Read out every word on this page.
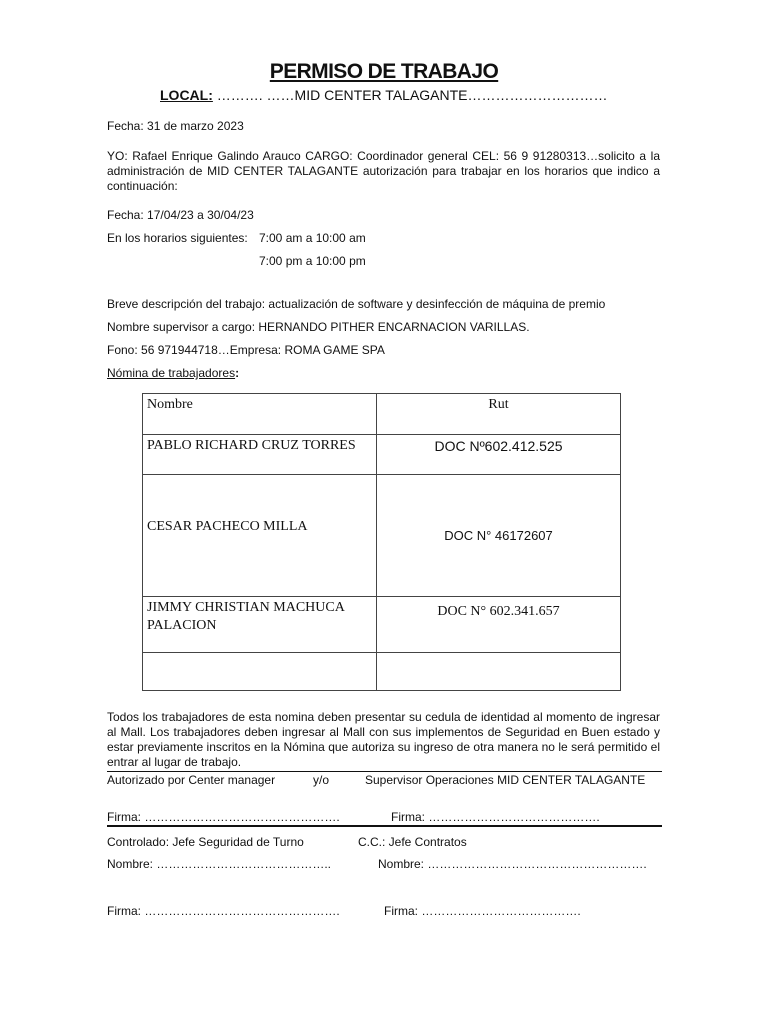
PERMISO DE TRABAJO
LOCAL: ………. ……MID CENTER TALAGANTE…………………………
Fecha: 31 de marzo 2023
YO: Rafael Enrique Galindo Arauco CARGO: Coordinador general CEL: 56 9 91280313…solicito a la administración de MID CENTER TALAGANTE autorización para trabajar en los horarios que indico a continuación:
Fecha: 17/04/23 a 30/04/23
En los horarios siguientes: 7:00 am a 10:00 am
7:00 pm a 10:00 pm
Breve descripción del trabajo: actualización de software y desinfección de máquina de premio
Nombre supervisor a cargo: HERNANDO PITHER ENCARNACION VARILLAS.
Fono: 56 971944718…Empresa: ROMA GAME SPA
Nómina de trabajadores:
Nombre	Rut
PABLO RICHARD CRUZ TORRES	DOC Nº602.412.525
CESAR PACHECO MILLA	DOC N° 46172607
JIMMY CHRISTIAN MACHUCA PALACION	DOC N° 602.341.657

Todos los trabajadores de esta nomina deben presentar su cedula de identidad al momento de ingresar al Mall. Los trabajadores deben ingresar al Mall con sus implementos de Seguridad en Buen estado y estar previamente inscritos en la Nómina que autoriza su ingreso de otra manera no le será permitido el entrar al lugar de trabajo.
Autorizado por Center manager	y/o	Supervisor Operaciones MID CENTER TALAGANTE
Firma: ………………………………………….	Firma: …………………………………….
Controlado: Jefe Seguridad de Turno	C.C.: Jefe Contratos
Nombre: ……………………………………..	Nombre: ……………………………………………….
Firma: ………………………………………….	Firma: ………………………………….
